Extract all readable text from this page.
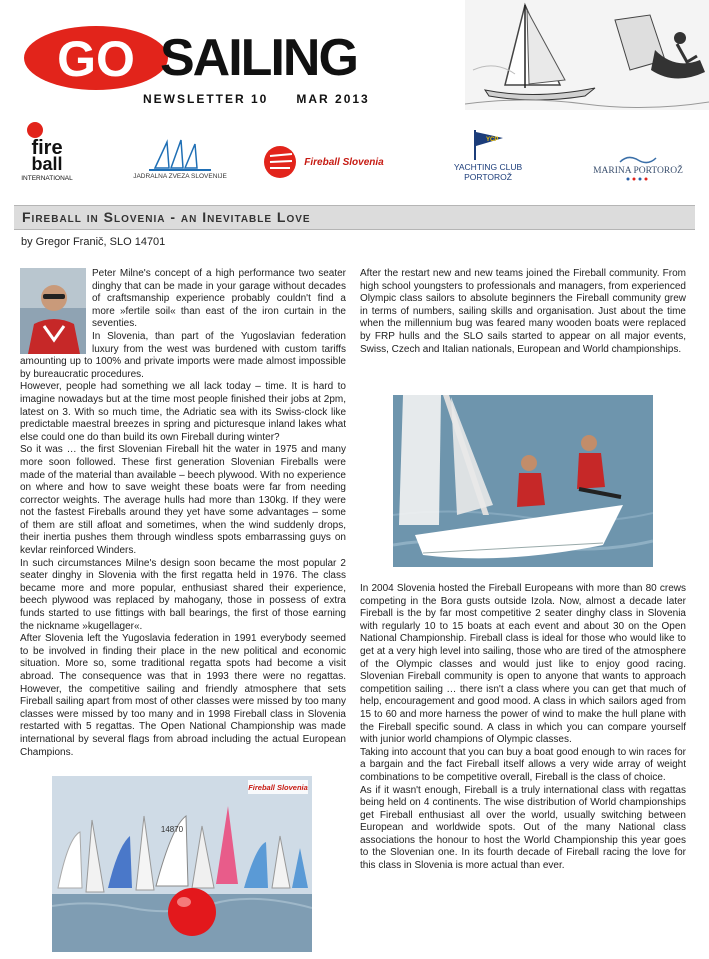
GO SAILING
NEWSLETTER 10 MAR 2013
fire
ball
INTERNATIONAL	JADRALNA ZVEZA SLOVENIJE
Fireball Slovenia
YCP
YACHTING CLUB PORTOROŽ
MARINA PORTOROŽ
Fireball in Slovenia - an Inevitable Love
by Gregor Franič, SLO 14701

Peter Milne's concept of a high performance two seater dinghy that can be made in your garage without decades of craftsmanship experience probably couldn't find a more »fertile soil« than east of the iron curtain in the seventies.

In Slovenia, than part of the Yugoslavian federation luxury from the west was burdened with custom tariffs amounting up to 100% and private imports were made almost impossible by bureaucratic procedures.

However, people had something we all lack today – time. It is hard to imagine nowadays but at the time most people finished their jobs at 2pm, latest on 3. With so much time, the Adriatic sea with its Swiss-clock like predictable maestral breezes in spring and picturesque inland lakes what else could one do than build its own Fireball during winter?

So it was … the first Slovenian Fireball hit the water in 1975 and many more soon followed. These first generation Slovenian Fireballs were made of the material than available – beech plywood. With no experience on where and how to save weight these boats were far from needing corrector weights. The average hulls had more than 130kg. If they were not the fastest Fireballs around they yet have some advantages – some of them are still afloat and sometimes, when the wind suddenly drops, their inertia pushes them through windless spots embarrassing guys on kevlar reinforced Winders.

In such circumstances Milne's design soon became the most popular 2 seater dinghy in Slovenia with the first regatta held in 1976. The class became more and more popular, enthusiast shared their experience, beech plywood was replaced by mahogany, those in possess of extra funds started to use fittings with ball bearings, the first of those earning the nickname »kugellager«.

After Slovenia left the Yugoslavia federation in 1991 everybody seemed to be involved in finding their place in the new political and economic situation. More so, some traditional regatta spots had become a visit abroad. The consequence was that in 1993 there were no regattas. However, the competitive sailing and friendly atmosphere that sets Fireball sailing apart from most of other classes were missed by too many classes were missed by too many and in 1998 Fireball class in Slovenia restarted with 5 regattas. The Open National Championship was made international by several flags from abroad including the actual European Champions.

14870
Fireball Slovenia

After the restart new and new teams joined the Fireball community. From high school youngsters to professionals and managers, from experienced Olympic class sailors to absolute beginners the Fireball community grew in terms of numbers, sailing skills and organisation. Just about the time when the millennium bug was feared many wooden boats were replaced by FRP hulls and the SLO sails started to appear on all major events, Swiss, Czech and Italian nationals, European and World championships.

In 2004 Slovenia hosted the Fireball Europeans with more than 80 crews competing in the Bora gusts outside Izola. Now, almost a decade later Fireball is the by far most competitive 2 seater dinghy class in Slovenia with regularly 10 to 15 boats at each event and about 30 on the Open National Championship. Fireball class is ideal for those who would like to get at a very high level into sailing, those who are tired of the atmosphere of the Olympic classes and would just like to enjoy good racing. Slovenian Fireball community is open to anyone that wants to approach competition sailing … there isn't a class where you can get that much of help, encouragement and good mood. A class in which sailors aged from 15 to 60 and more harness the power of wind to make the hull plane with the Fireball specific sound. A class in which you can compare yourself with junior world champions of Olympic classes.

Taking into account that you can buy a boat good enough to win races for a bargain and the fact Fireball itself allows a very wide array of weight combinations to be competitive overall, Fireball is the class of choice.

As if it wasn't enough, Fireball is a truly international class with regattas being held on 4 continents. The wise distribution of World championships get Fireball enthusiast all over the world, usually switching between European and worldwide spots. Out of the many National class associations the honour to host the World Championship this year goes to the Slovenian one. In its fourth decade of Fireball racing the love for this class in Slovenia is more actual than ever.
